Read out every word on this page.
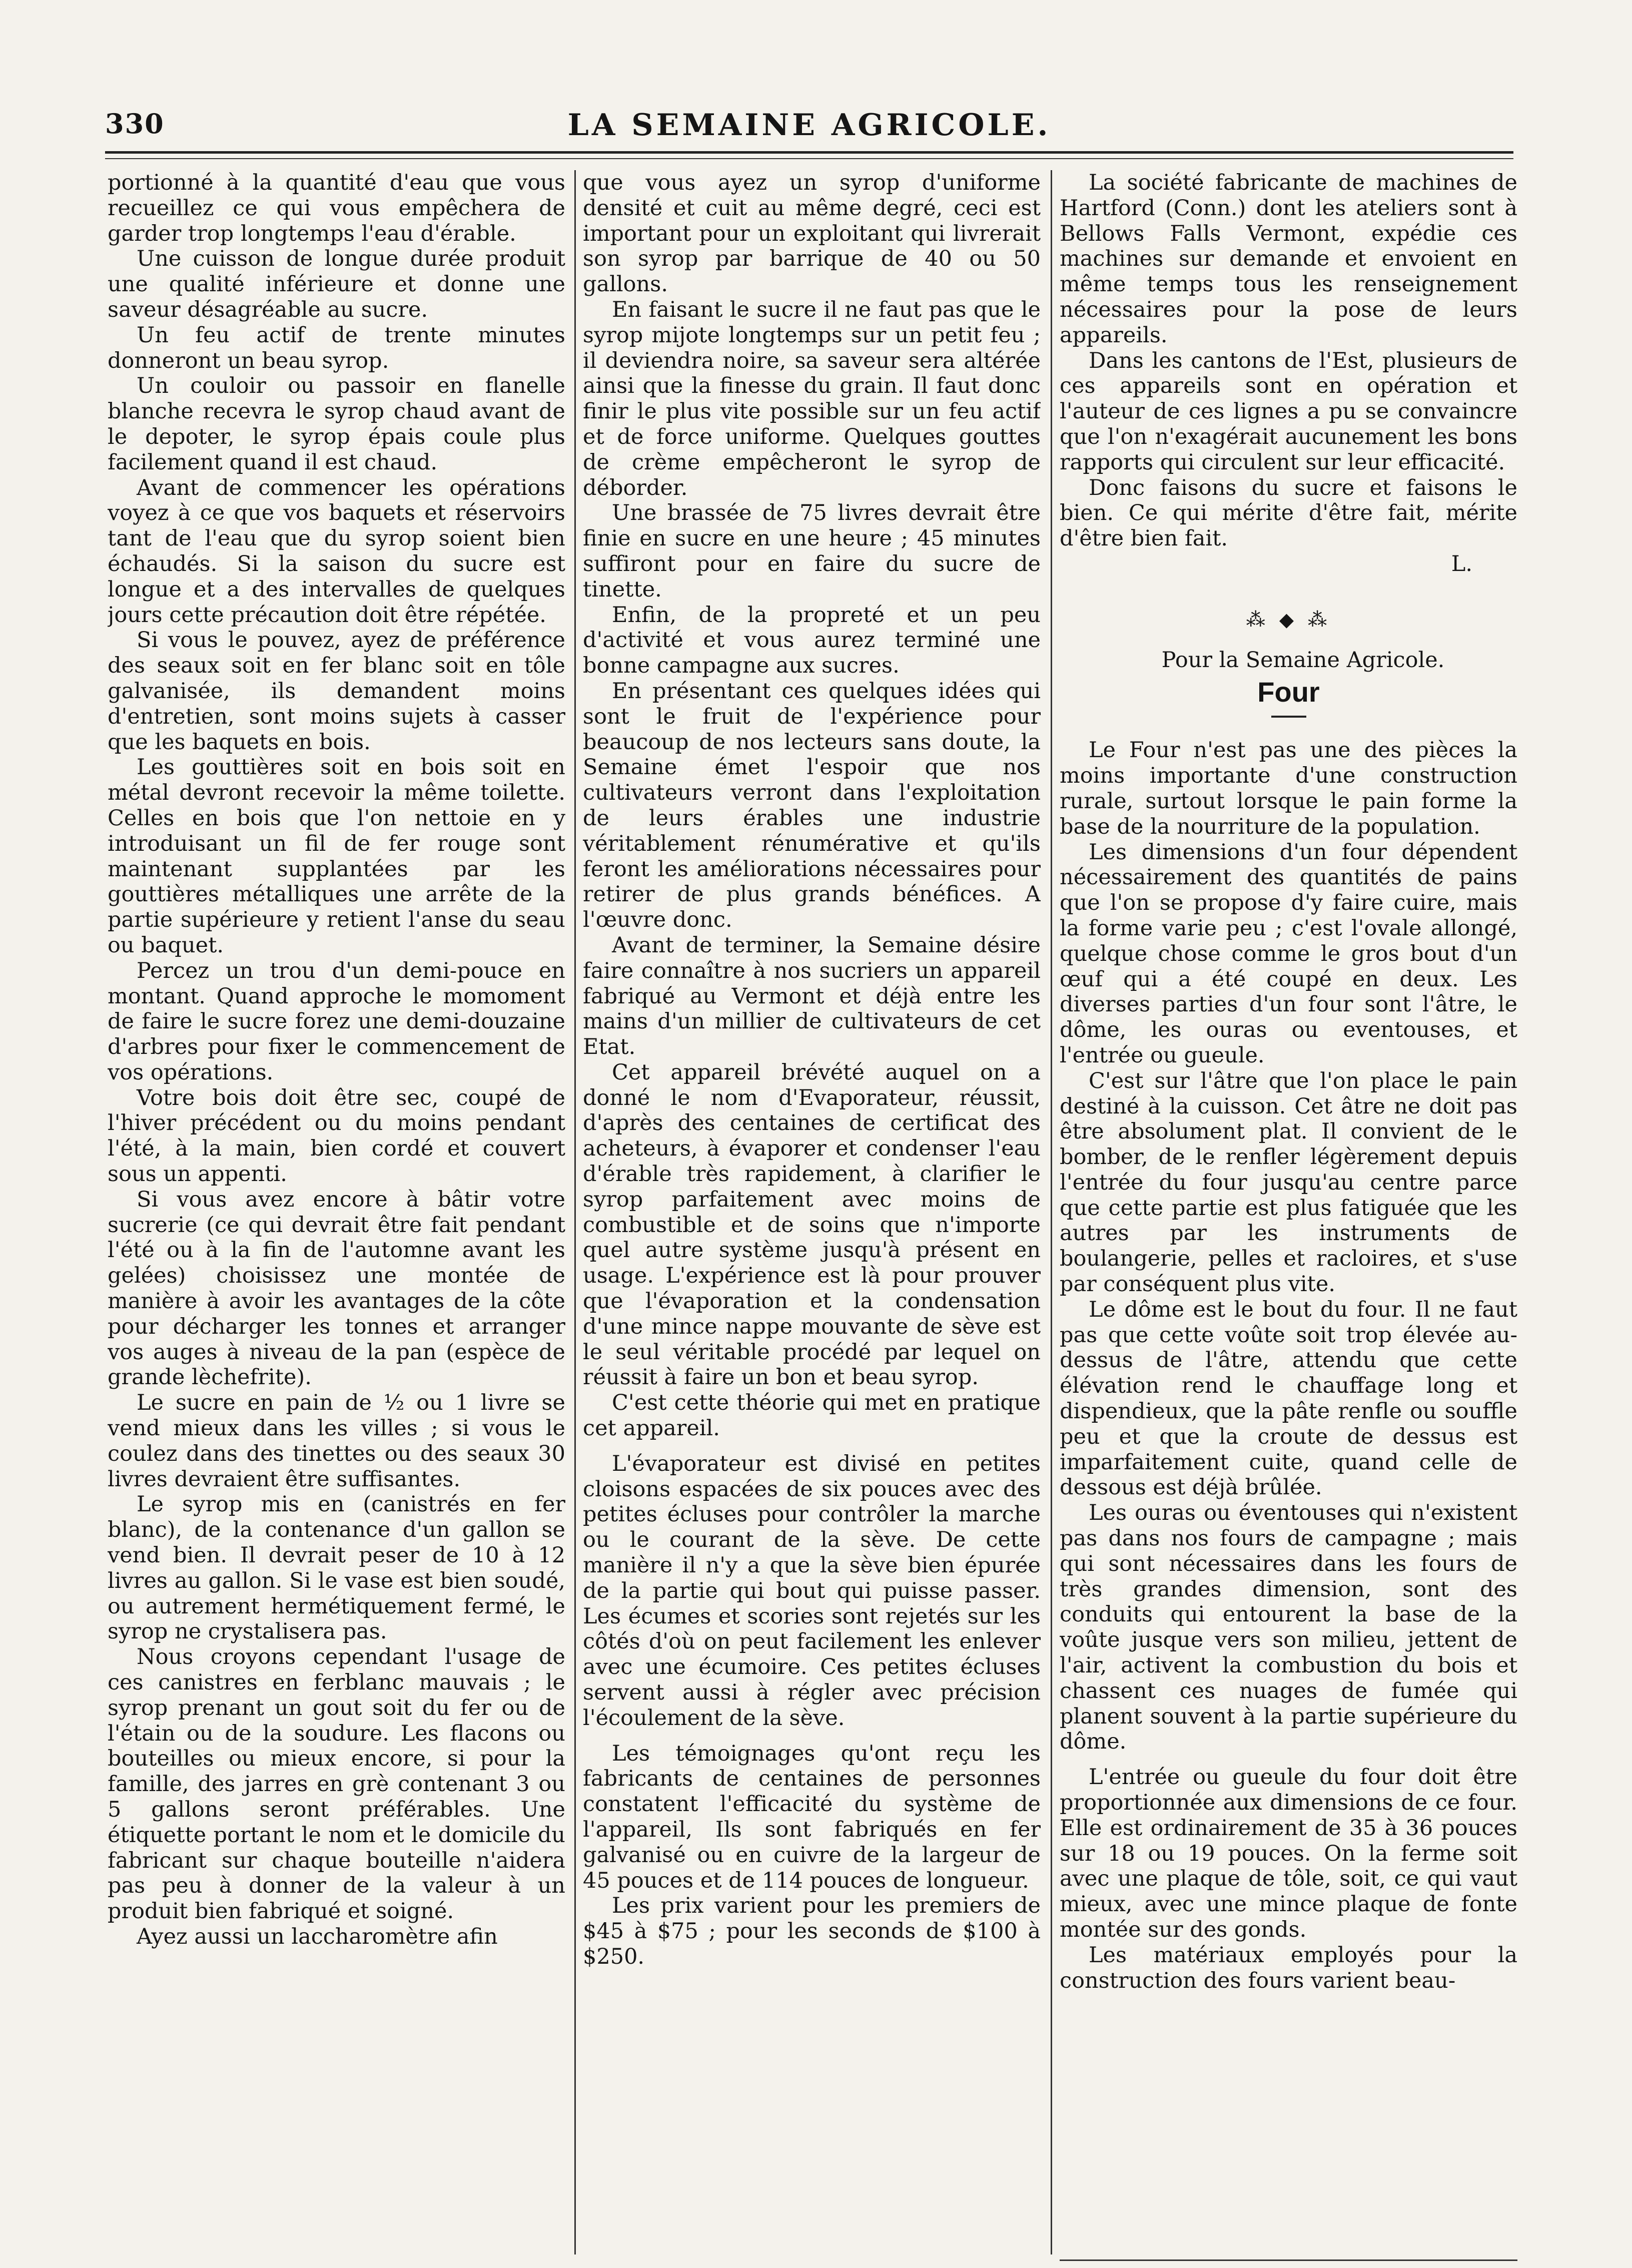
330	LA SEMAINE AGRICOLE.

portionné à la quantité d'eau que vous recueillez ce qui vous empêchera de garder trop longtemps l'eau d'érable.

Une cuisson de longue durée produit une qualité inférieure et donne une saveur désagréable au sucre.

Un feu actif de trente minutes donneront un beau syrop.

Un couloir ou passoir en flanelle blanche recevra le syrop chaud avant de le depoter, le syrop épais coule plus facilement quand il est chaud.

Avant de commencer les opérations voyez à ce que vos baquets et réservoirs tant de l'eau que du syrop soient bien échaudés. Si la saison du sucre est longue et a des intervalles de quelques jours cette précaution doit être répétée.

Si vous le pouvez, ayez de préférence des seaux soit en fer blanc soit en tôle galvanisée, ils demandent moins d'entretien, sont moins sujets à casser que les baquets en bois.

Les gouttières soit en bois soit en métal devront recevoir la même toilette. Celles en bois que l'on nettoie en y introduisant un fil de fer rouge sont maintenant supplantées par les gouttières métalliques une arrête de la partie supérieure y retient l'anse du seau ou baquet.

Percez un trou d'un demi-pouce en montant. Quand approche le momoment de faire le sucre forez une demi-douzaine d'arbres pour fixer le commencement de vos opérations.

Votre bois doit être sec, coupé de l'hiver précédent ou du moins pendant l'été, à la main, bien cordé et couvert sous un appenti.

Si vous avez encore à bâtir votre sucrerie (ce qui devrait être fait pendant l'été ou à la fin de l'automne avant les gelées) choisissez une montée de manière à avoir les avantages de la côte pour décharger les tonnes et arranger vos auges à niveau de la pan (espèce de grande lèchefrite).

Le sucre en pain de ½ ou 1 livre se vend mieux dans les villes ; si vous le coulez dans des tinettes ou des seaux 30 livres devraient être suffisantes.

Le syrop mis en (canistrés en fer blanc), de la contenance d'un gallon se vend bien. Il devrait peser de 10 à 12 livres au gallon. Si le vase est bien soudé, ou autrement hermétiquement fermé, le syrop ne crystalisera pas.

Nous croyons cependant l'usage de ces canistres en ferblanc mauvais ; le syrop prenant un gout soit du fer ou de l'étain ou de la soudure. Les flacons ou bouteilles ou mieux encore, si pour la famille, des jarres en grè contenant 3 ou 5 gallons seront préférables. Une étiquette portant le nom et le domicile du fabricant sur chaque bouteille n'aidera pas peu à donner de la valeur à un produit bien fabriqué et soigné.

Ayez aussi un laccharomètre afin

que vous ayez un syrop d'uniforme densité et cuit au même degré, ceci est important pour un exploitant qui livrerait son syrop par barrique de 40 ou 50 gallons.

En faisant le sucre il ne faut pas que le syrop mijote longtemps sur un petit feu ; il deviendra noire, sa saveur sera altérée ainsi que la finesse du grain. Il faut donc finir le plus vite possible sur un feu actif et de force uniforme. Quelques gouttes de crème empêcheront le syrop de déborder.

Une brassée de 75 livres devrait être finie en sucre en une heure ; 45 minutes suffiront pour en faire du sucre de tinette.

Enfin, de la propreté et un peu d'activité et vous aurez terminé une bonne campagne aux sucres.

En présentant ces quelques idées qui sont le fruit de l'expérience pour beaucoup de nos lecteurs sans doute, la Semaine émet l'espoir que nos cultivateurs verront dans l'exploitation de leurs érables une industrie véritablement rénumérative et qu'ils feront les améliorations nécessaires pour retirer de plus grands bénéfices. A l'œuvre donc.

Avant de terminer, la Semaine désire faire connaître à nos sucriers un appareil fabriqué au Vermont et déjà entre les mains d'un millier de cultivateurs de cet Etat.

Cet appareil brévété auquel on a donné le nom d'Evaporateur, réussit, d'après des centaines de certificat des acheteurs, à évaporer et condenser l'eau d'érable très rapidement, à clarifier le syrop parfaitement avec moins de combustible et de soins que n'importe quel autre système jusqu'à présent en usage. L'expérience est là pour prouver que l'évaporation et la condensation d'une mince nappe mouvante de sève est le seul véritable procédé par lequel on réussit à faire un bon et beau syrop.

C'est cette théorie qui met en pratique cet appareil.

L'évaporateur est divisé en petites cloisons espacées de six pouces avec des petites écluses pour contrôler la marche ou le courant de la sève. De cette manière il n'y a que la sève bien épurée de la partie qui bout qui puisse passer. Les écumes et scories sont rejetés sur les côtés d'où on peut facilement les enlever avec une écumoire. Ces petites écluses servent aussi à régler avec précision l'écoulement de la sève.

Les témoignages qu'ont reçu les fabricants de centaines de personnes constatent l'efficacité du système de l'appareil, Ils sont fabriqués en fer galvanisé ou en cuivre de la largeur de 45 pouces et de 114 pouces de longueur.

Les prix varient pour les premiers de $45 à $75 ; pour les seconds de $100 à $250.

La société fabricante de machines de Hartford (Conn.) dont les ateliers sont à Bellows Falls Vermont, expédie ces machines sur demande et envoient en même temps tous les renseignement nécessaires pour la pose de leurs appareils.

Dans les cantons de l'Est, plusieurs de ces appareils sont en opération et l'auteur de ces lignes a pu se convaincre que l'on n'exagérait aucunement les bons rapports qui circulent sur leur efficacité.

Donc faisons du sucre et faisons le bien. Ce qui mérite d'être fait, mérite d'être bien fait.

L.

⁂ ◆ ⁂

Pour la Semaine Agricole.

Four

Le Four n'est pas une des pièces la moins importante d'une construction rurale, surtout lorsque le pain forme la base de la nourriture de la population.

Les dimensions d'un four dépendent nécessairement des quantités de pains que l'on se propose d'y faire cuire, mais la forme varie peu ; c'est l'ovale allongé, quelque chose comme le gros bout d'un œuf qui a été coupé en deux. Les diverses parties d'un four sont l'âtre, le dôme, les ouras ou eventouses, et l'entrée ou gueule.

C'est sur l'âtre que l'on place le pain destiné à la cuisson. Cet âtre ne doit pas être absolument plat. Il convient de le bomber, de le renfler légèrement depuis l'entrée du four jusqu'au centre parce que cette partie est plus fatiguée que les autres par les instruments de boulangerie, pelles et racloires, et s'use par conséquent plus vite.

Le dôme est le bout du four. Il ne faut pas que cette voûte soit trop élevée au-dessus de l'âtre, attendu que cette élévation rend le chauffage long et dispendieux, que la pâte renfle ou souffle peu et que la croute de dessus est imparfaitement cuite, quand celle de dessous est déjà brûlée.

Les ouras ou éventouses qui n'existent pas dans nos fours de campagne ; mais qui sont nécessaires dans les fours de très grandes dimension, sont des conduits qui entourent la base de la voûte jusque vers son milieu, jettent de l'air, activent la combustion du bois et chassent ces nuages de fumée qui planent souvent à la partie supérieure du dôme.

L'entrée ou gueule du four doit être proportionnée aux dimensions de ce four. Elle est ordinairement de 35 à 36 pouces sur 18 ou 19 pouces. On la ferme soit avec une plaque de tôle, soit, ce qui vaut mieux, avec une mince plaque de fonte montée sur des gonds.

Les matériaux employés pour la construction des fours varient beau-
